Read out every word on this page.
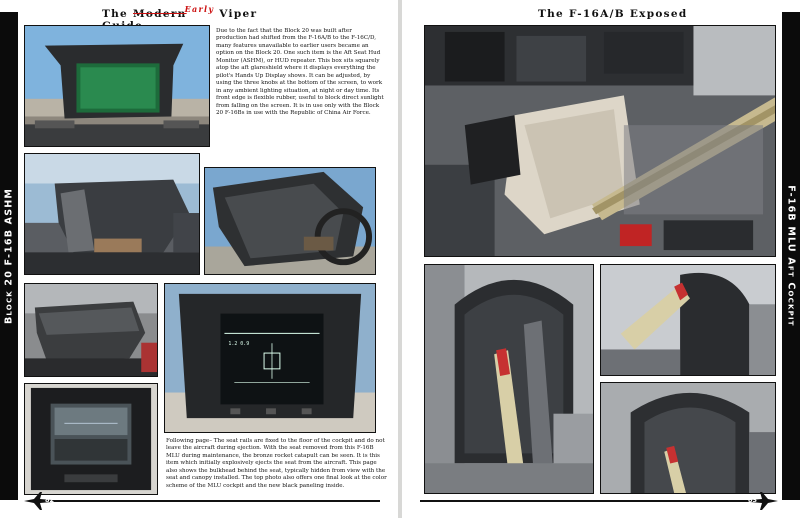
Block 20 F-16B ASHM	F-16B MLU Aft Cockpit
The Modern$^{Early}$ Viper	The F-16A/B Exposed
1.2 0.9

Due to the fact that the Block 20 was built after production had shifted from the F-16A/B to the F-16C/D, many features unavailable to earlier users became an option on the Block 20. One such item is the Aft Seat Hud Monitor (ASHM), or HUD repeater. This box sits squarely atop the aft glareshield where it displays everything the pilot's Hands Up Display shows. It can be adjusted, by using the three knobs at the bottom of the screen, to work in any ambient lighting situation, at night or day time. Its front edge is flexible rubber, useful to block direct sunlight from falling on the screen. It is in use only with the Block 20 F-16Bs in use with the Republic of China Air Force.

Following page– The seat rails are fixed to the floor of the cockpit and do not leave the aircraft during ejection. With the seat removed from this F-16B MLU during maintenance, the bronze rocket catapult can be seen. It is this item which initially explosively ejects the seat from the aircraft. This page also shows the bulkhead behind the seat, typically hidden from view with the seat and canopy installed. The top photo also offers one final look at the color scheme of the MLU cockpit and the new black paneling inside.

82	83
